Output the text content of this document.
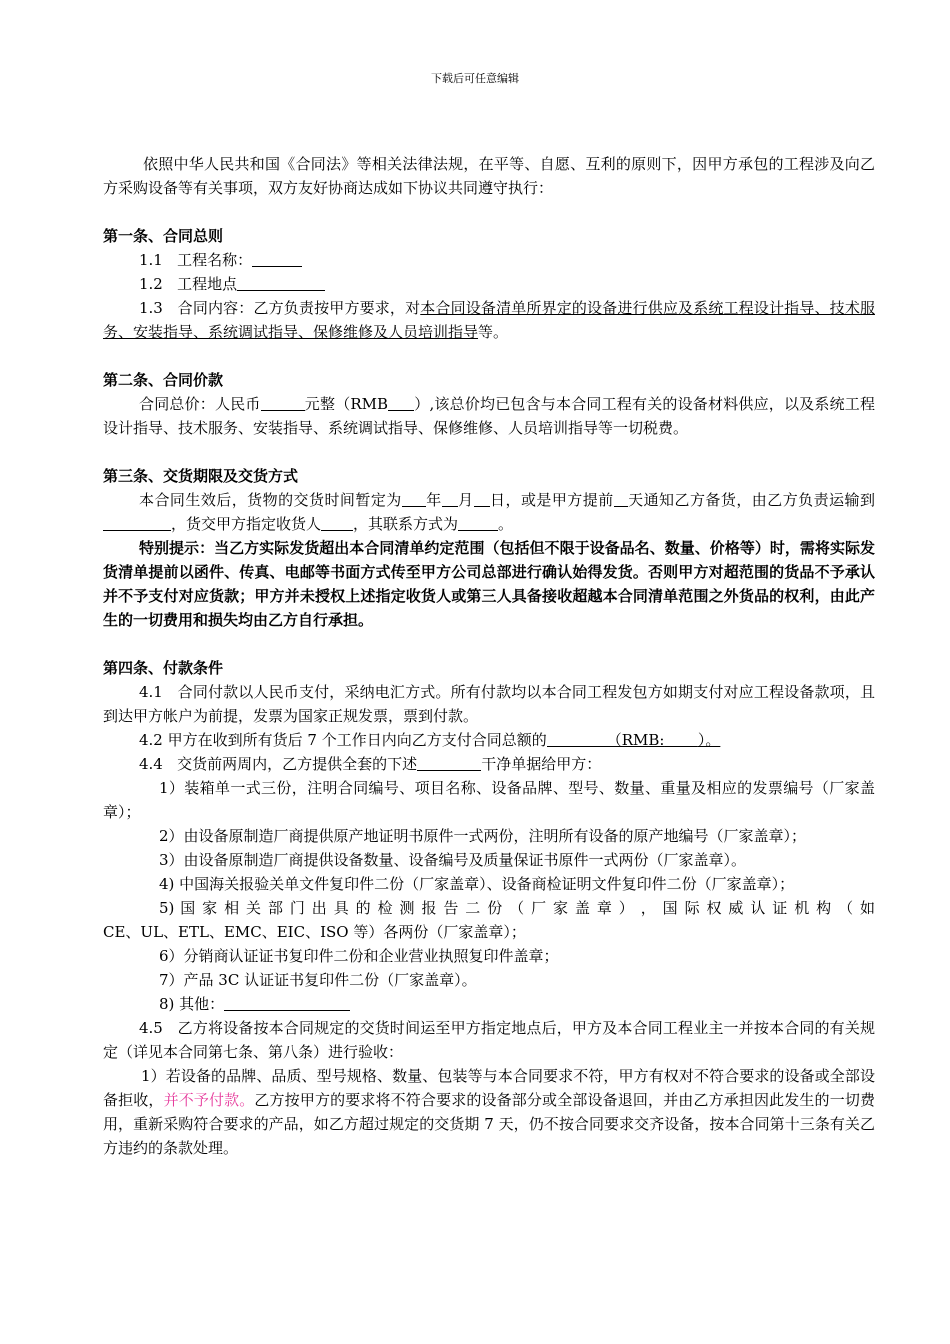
下载后可任意编辑

依照中华人民共和国《合同法》等相关法律法规，在平等、自愿、互利的原则下，因甲方承包的工程涉及向乙方采购设备等有关事项，双方友好协商达成如下协议共同遵守执行：

第一条、合同总则

1.1 工程名称：

1.2 工程地点

1.3 合同内容：乙方负责按甲方要求，对本合同设备清单所界定的设备进行供应及系统工程设计指导、技术服务、安装指导、系统调试指导、保修维修及人员培训指导等。

第二条、合同价款

合同总价：人民币	元整（RMB ）,该总价均已包含与本合同工程有关的设备材料供应，以及系统工程设计指导、技术服务、安装指导、系统调试指导、保修维修、人员培训指导等一切税费。

第三条、交货期限及交货方式

本合同生效后，货物的交货时间暂定为 年 月 日，或是甲方提前 天通知乙方备货，由乙方负责运输到，货交甲方指定收货人 ，其联系方式为	。

特别提示：当乙方实际发货超出本合同清单约定范围（包括但不限于设备品名、数量、价格等）时，需将实际发货清单提前以函件、传真、电邮等书面方式传至甲方公司总部进行确认始得发货。否则甲方对超范围的货品不予承认并不予支付对应货款；甲方并未授权上述指定收货人或第三人具备接收超越本合同清单范围之外货品的权利，由此产生的一切费用和损失均由乙方自行承担。

第四条、付款条件

4.1 合同付款以人民币支付，采纳电汇方式。所有付款均以本合同工程发包方如期支付对应工程设备款项，且到达甲方帐户为前提，发票为国家正规发票，票到付款。

4.2 甲方在收到所有货后 7 个工作日内向乙方支付合同总额的	（RMB: ）。

4.4 交货前两周内，乙方提供全套的下述	干净单据给甲方：

1）装箱单一式三份，注明合同编号、项目名称、设备品牌、型号、数量、重量及相应的发票编号（厂家盖章）；

2）由设备原制造厂商提供原产地证明书原件一式两份，注明所有设备的原产地编号（厂家盖章）；

3）由设备原制造厂商提供设备数量、设备编号及质量保证书原件一式两份（厂家盖章）。

4) 中国海关报验关单文件复印件二份（厂家盖章）、设备商检证明文件复印件二份（厂家盖章）；

5) 国 家 相 关 部 门 出 具 的 检 测 报 告 二 份 （ 厂 家 盖 章 ） ， 国 际 权 威 认 证 机 构 （ 如

CE、UL、ETL、EMC、EIC、ISO 等）各两份（厂家盖章）；

6）分销商认证证书复印件二份和企业营业执照复印件盖章；

7）产品 3C 认证证书复印件二份（厂家盖章）。

8) 其他：

4.5 乙方将设备按本合同规定的交货时间运至甲方指定地点后，甲方及本合同工程业主一并按本合同的有关规定（详见本合同第七条、第八条）进行验收：

1）若设备的品牌、品质、型号规格、数量、包装等与本合同要求不符，甲方有权对不符合要求的设备或全部设备拒收，并不予付款。乙方按甲方的要求将不符合要求的设备部分或全部设备退回，并由乙方承担因此发生的一切费用，重新采购符合要求的产品，如乙方超过规定的交货期 7 天，仍不按合同要求交齐设备，按本合同第十三条有关乙方违约的条款处理。
